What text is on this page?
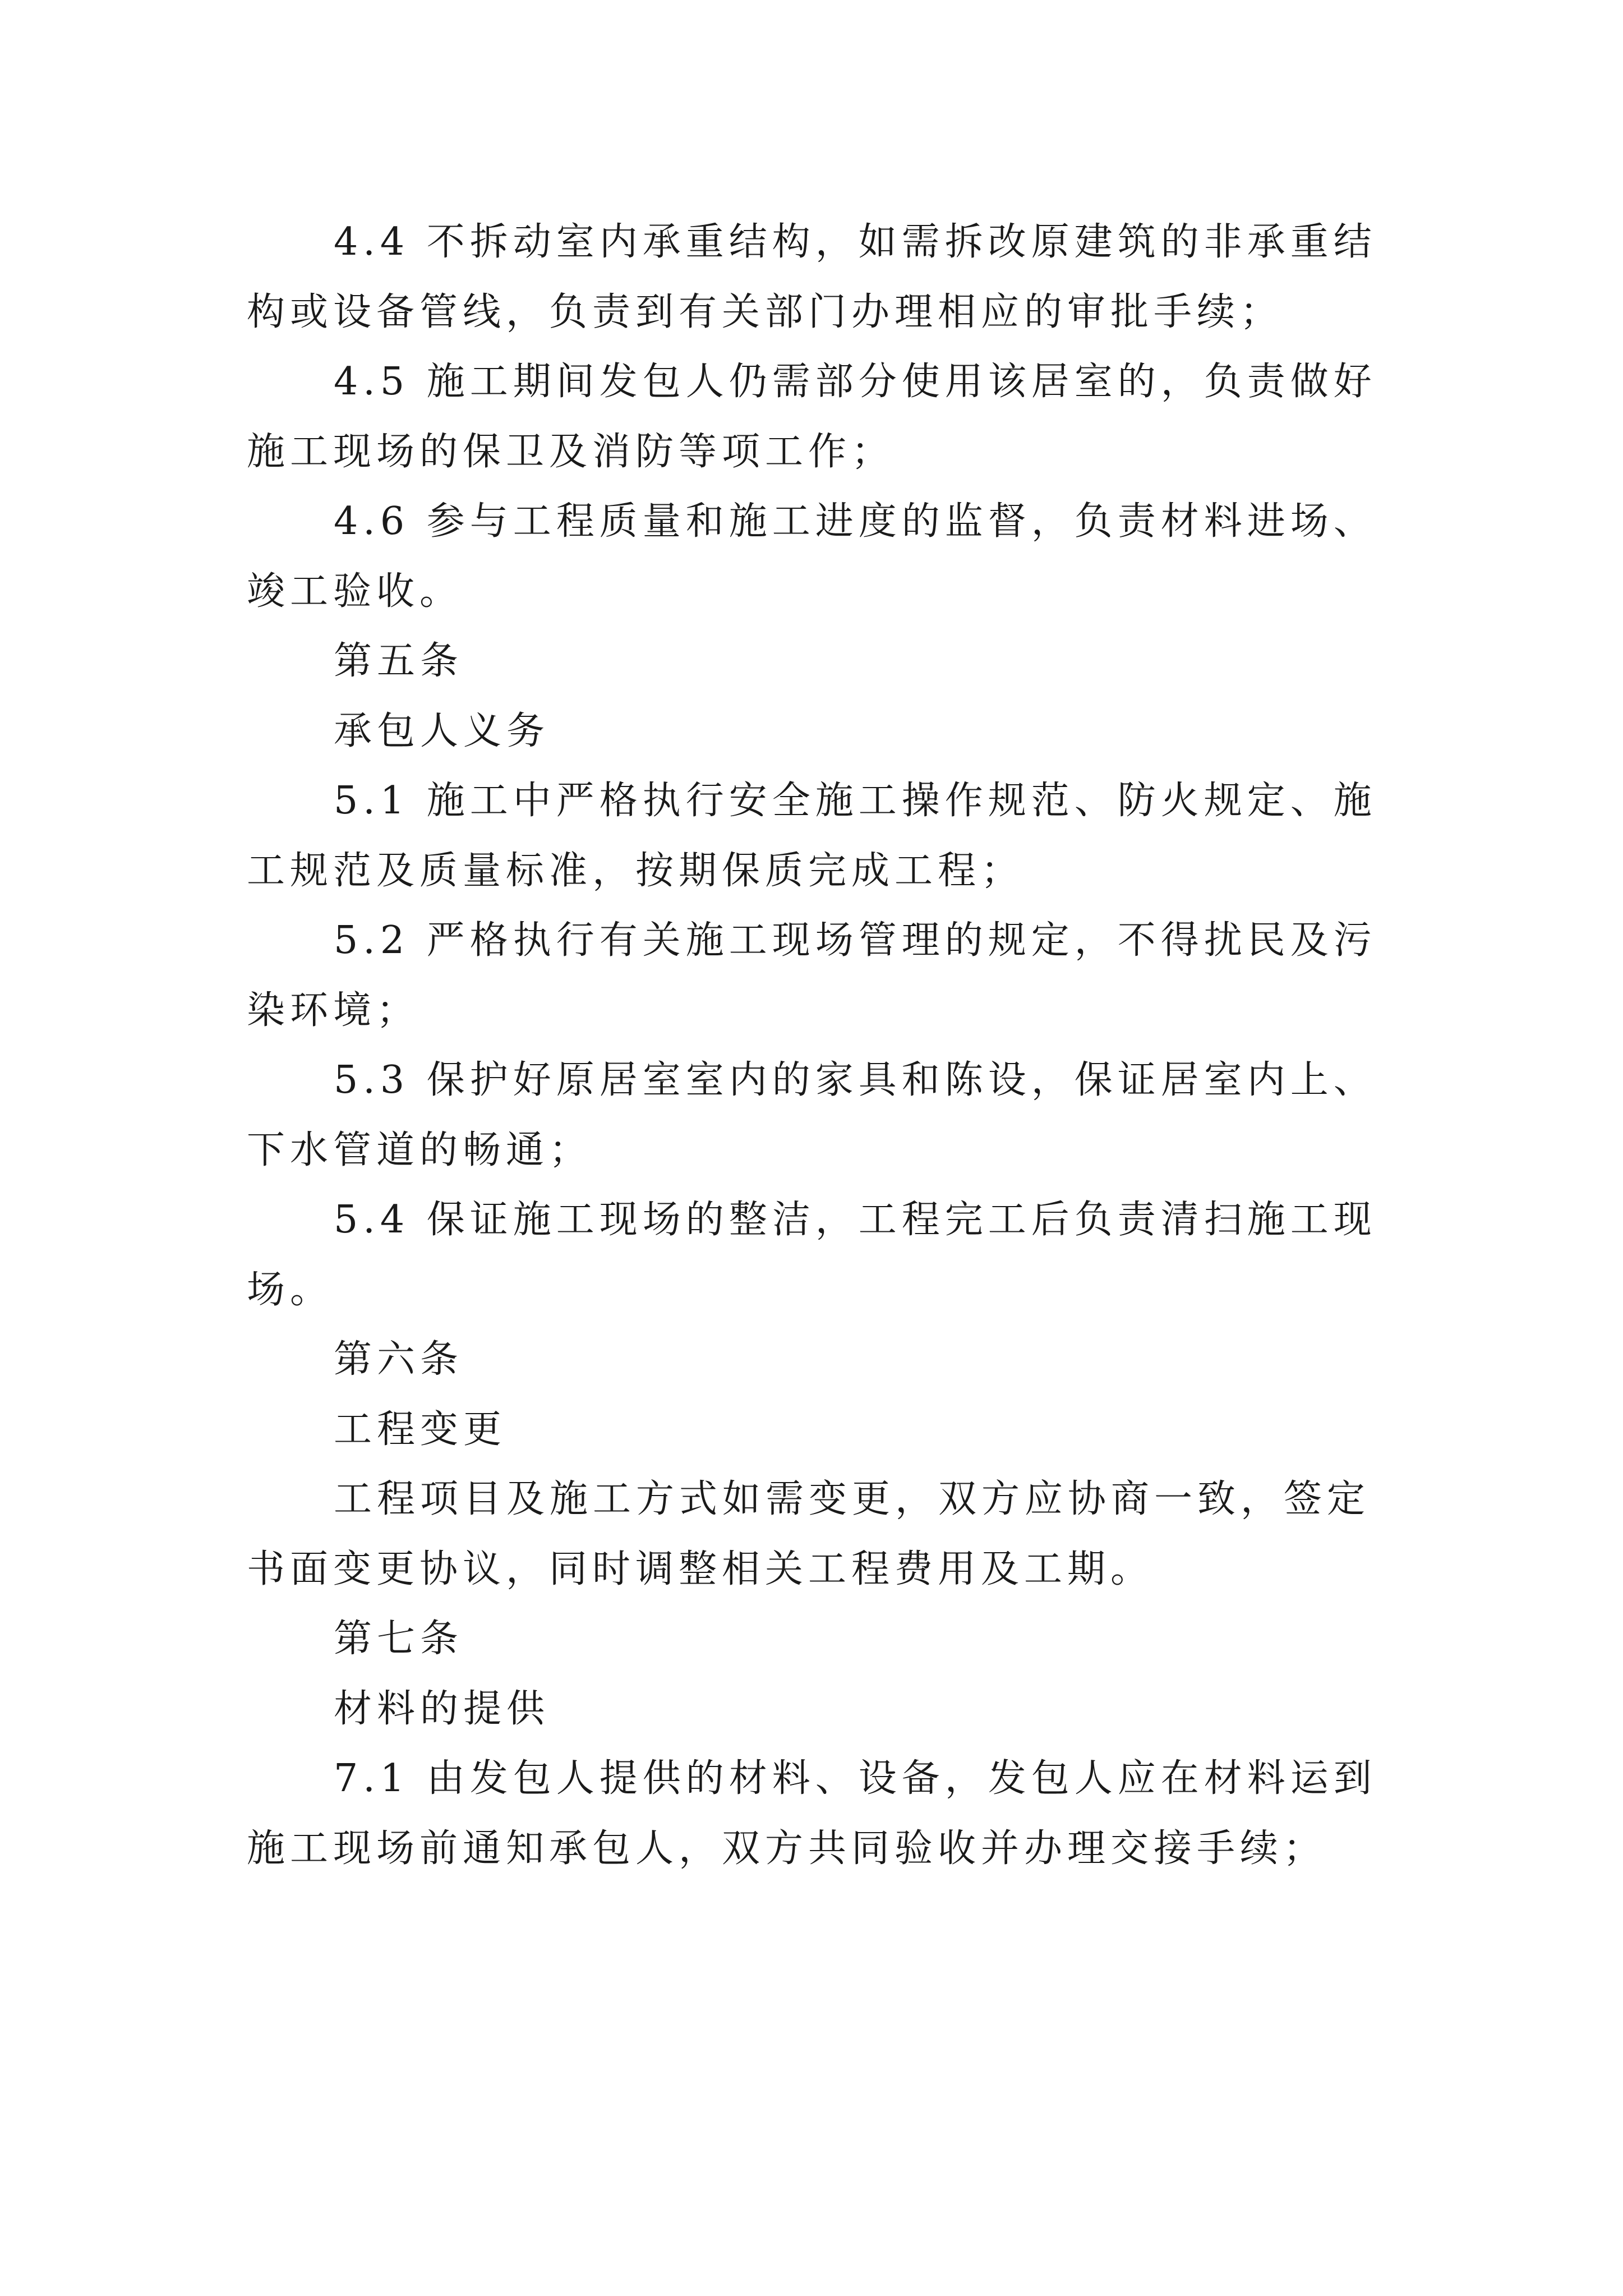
4.4 不拆动室内承重结构，如需拆改原建筑的非承重结构或设备管线，负责到有关部门办理相应的审批手续；

4.5 施工期间发包人仍需部分使用该居室的，负责做好施工现场的保卫及消防等项工作；

4.6 参与工程质量和施工进度的监督，负责材料进场、竣工验收。

第五条

承包人义务

5.1 施工中严格执行安全施工操作规范、防火规定、施工规范及质量标准，按期保质完成工程；

5.2 严格执行有关施工现场管理的规定，不得扰民及污染环境；

5.3 保护好原居室室内的家具和陈设，保证居室内上、下水管道的畅通；

5.4 保证施工现场的整洁，工程完工后负责清扫施工现场。

第六条

工程变更

工程项目及施工方式如需变更，双方应协商一致，签定书面变更协议，同时调整相关工程费用及工期。

第七条

材料的提供

7.1 由发包人提供的材料、设备，发包人应在材料运到施工现场前通知承包人，双方共同验收并办理交接手续；
